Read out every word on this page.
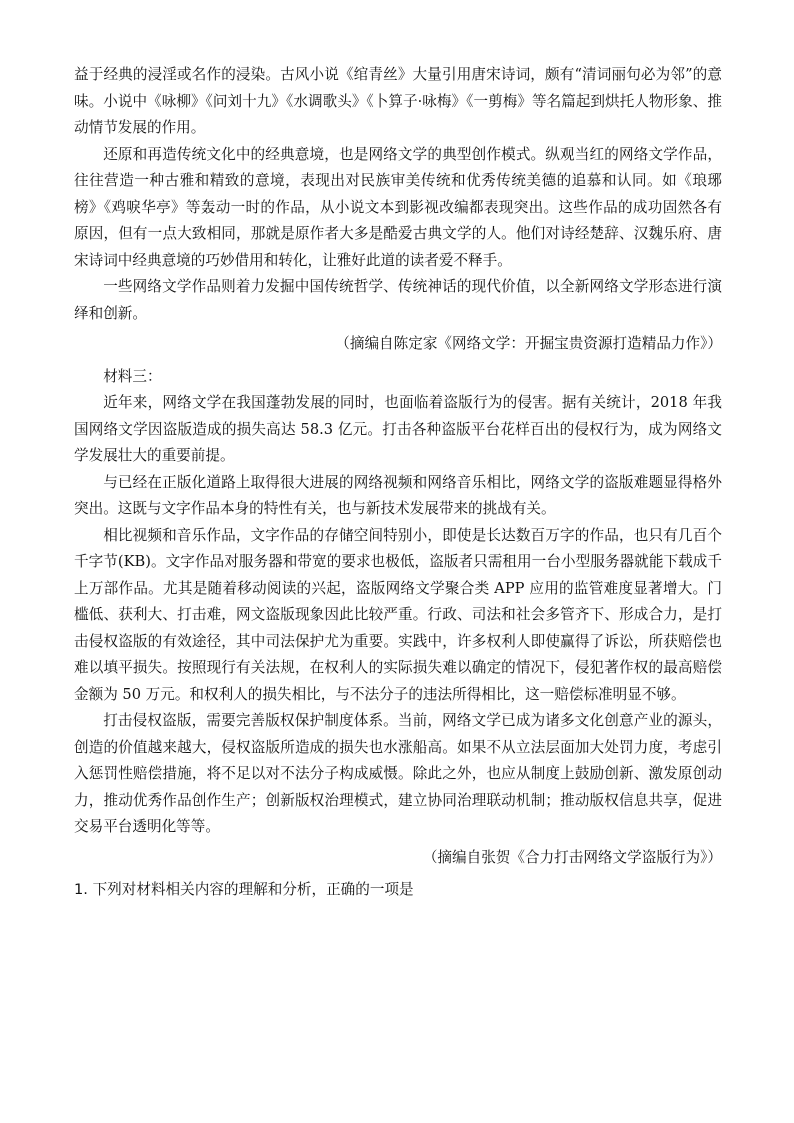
益于经典的浸淫或名作的浸染。古风小说《绾青丝》大量引用唐宋诗词，颇有“清词丽句必为邻”的意味。小说中《咏柳》《问刘十九》《水调歌头》《卜算子·咏梅》《一剪梅》等名篇起到烘托人物形象、推动情节发展的作用。

还原和再造传统文化中的经典意境，也是网络文学的典型创作模式。纵观当红的网络文学作品，往往营造一种古雅和精致的意境，表现出对民族审美传统和优秀传统美德的追慕和认同。如《琅琊榜》《鸡唳华亭》等轰动一时的作品，从小说文本到影视改编都表现突出。这些作品的成功固然各有原因，但有一点大致相同，那就是原作者大多是酷爱古典文学的人。他们对诗经楚辞、汉魏乐府、唐宋诗词中经典意境的巧妙借用和转化，让雅好此道的读者爱不释手。

一些网络文学作品则着力发掘中国传统哲学、传统神话的现代价值，以全新网络文学形态进行演绎和创新。

（摘编自陈定家《网络文学：开掘宝贵资源打造精品力作》）

材料三：

近年来，网络文学在我国蓬勃发展的同时，也面临着盗版行为的侵害。据有关统计，2018 年我国网络文学因盗版造成的损失高达 58.3 亿元。打击各种盗版平台花样百出的侵权行为，成为网络文学发展壮大的重要前提。

与已经在正版化道路上取得很大进展的网络视频和网络音乐相比，网络文学的盗版难题显得格外突出。这既与文字作品本身的特性有关，也与新技术发展带来的挑战有关。

相比视频和音乐作品，文字作品的存储空间特别小，即使是长达数百万字的作品，也只有几百个千字节(KB)。文字作品对服务器和带宽的要求也极低，盗版者只需租用一台小型服务器就能下载成千上万部作品。尤其是随着移动阅读的兴起，盗版网络文学聚合类 APP 应用的监管难度显著增大。门槛低、获利大、打击难，网文盗版现象因此比较严重。行政、司法和社会多管齐下、形成合力，是打击侵权盗版的有效途径，其中司法保护尤为重要。实践中，许多权利人即使赢得了诉讼，所获赔偿也难以填平损失。按照现行有关法规，在权利人的实际损失难以确定的情况下，侵犯著作权的最高赔偿金额为 50 万元。和权利人的损失相比，与不法分子的违法所得相比，这一赔偿标准明显不够。

打击侵权盗版，需要完善版权保护制度体系。当前，网络文学已成为诸多文化创意产业的源头，创造的价值越来越大，侵权盗版所造成的损失也水涨船高。如果不从立法层面加大处罚力度，考虑引入惩罚性赔偿措施，将不足以对不法分子构成威慑。除此之外，也应从制度上鼓励创新、激发原创动力，推动优秀作品创作生产；创新版权治理模式，建立协同治理联动机制；推动版权信息共享，促进交易平台透明化等等。

（摘编自张贺《合力打击网络文学盗版行为》）

1. 下列对材料相关内容的理解和分析，正确的一项是
